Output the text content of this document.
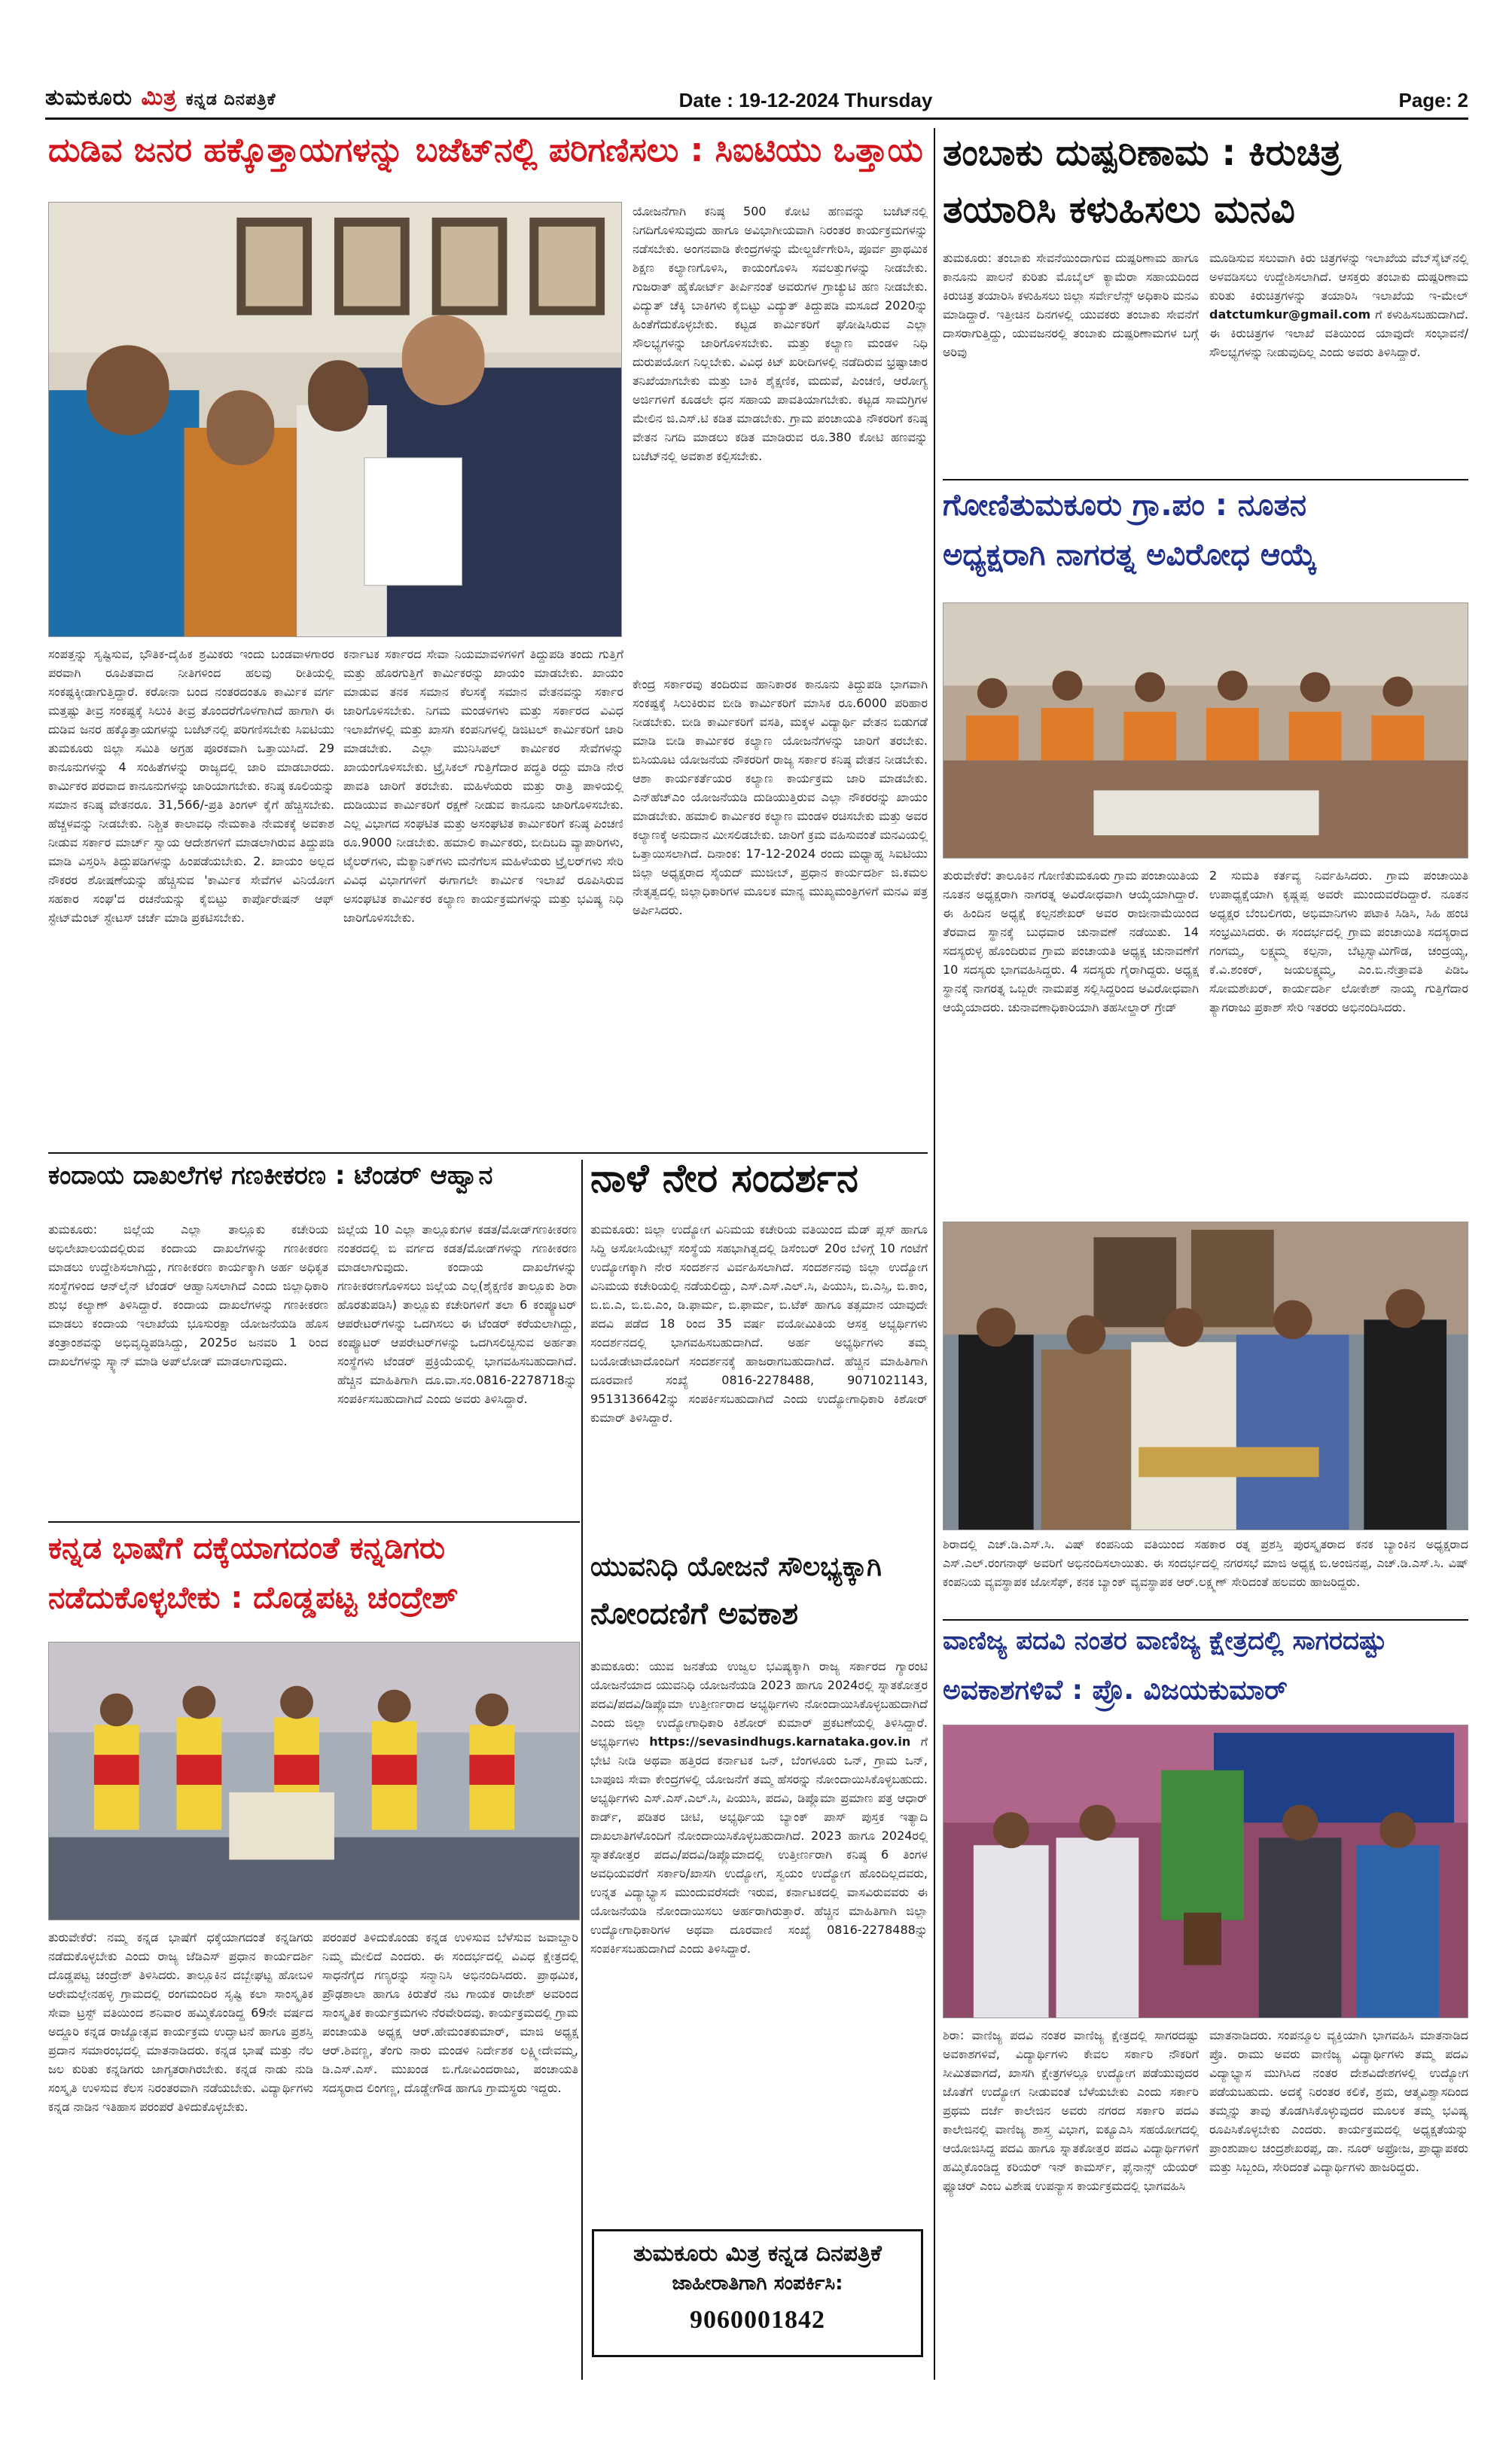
ತುಮಕೂರು ಮಿತ್ರ ಕನ್ನಡ ದಿನಪತ್ರಿಕೆ	Date : 19-12-2024 Thursday	Page: 2
ದುಡಿವ ಜನರ ಹಕ್ಕೊತ್ತಾಯಗಳನ್ನು ಬಜೆಟ್‌ನಲ್ಲಿ ಪರಿಗಣಿಸಲು : ಸಿಐಟಿಯು ಒತ್ತಾಯ
ಯೋಜನೆಗಾಗಿ ಕನಿಷ್ಠ 500 ಕೋಟಿ ಹಣವನ್ನು ಬಜೆಟ್‌ನಲ್ಲಿ ನಿಗದಿಗೊಳಿಸುವುದು ಹಾಗೂ ಅವಿಭಾಗೀಯವಾಗಿ ನಿರಂತರ ಕಾರ್ಯಕ್ರಮಗಳನ್ನು ನಡೆಸಬೇಕು. ಅಂಗನವಾಡಿ ಕೇಂದ್ರಗಳನ್ನು ಮೇಲ್ದರ್ಜೆಗೇರಿಸಿ, ಪೂರ್ವ ಪ್ರಾಥಮಿಕ ಶಿಕ್ಷಣ ಕಲ್ಯಾಣಗೊಳಿಸಿ, ಕಾಯಂಗೊಳಿಸಿ ಸವಲತ್ತುಗಳನ್ನು ನೀಡಬೇಕು. ಗುಜರಾತ್ ಹೈಕೋರ್ಟ್ ತೀರ್ಪಿನಂತೆ ಅವರುಗಳ ಗ್ರಾಚ್ಯುಟಿ ಹಣ ನೀಡಬೇಕು. ವಿದ್ಯುತ್ ಚೆಕ್ಕಿ ಬಾಕಿಗಳು ಕೈಬಿಟ್ಟು ವಿದ್ಯುತ್ ತಿದ್ದುಪಡಿ ಮಸೂದೆ 2020ನ್ನು ಹಿಂತೆಗೆದುಕೊಳ್ಳಬೇಕು. ಕಟ್ಟಡ ಕಾರ್ಮಿಕರಿಗೆ ಘೋಷಿಸಿರುವ ಎಲ್ಲಾ ಸೌಲಭ್ಯಗಳನ್ನು ಜಾರಿಗೊಳಿಸಬೇಕು. ಮತ್ತು ಕಲ್ಯಾಣ ಮಂಡಳಿ ನಿಧಿ ದುರುಪಯೋಗ ನಿಲ್ಲಬೇಕು. ವಿವಿಧ ಕಿಟ್ ಖರೀದಿಗಳಲ್ಲಿ ನಡೆದಿರುವ ಭ್ರಷ್ಟಾಚಾರ ತನಿಖೆಯಾಗಬೇಕು ಮತ್ತು ಬಾಕಿ ಶೈಕ್ಷಣಿಕ, ಮದುವೆ, ಪಿಂಚಣಿ, ಆರೋಗ್ಯ ಅರ್ಜಿಗಳಿಗೆ ಕೂಡಲೇ ಧನ ಸಹಾಯ ಪಾವತಿಯಾಗಬೇಕು. ಕಟ್ಟಡ ಸಾಮಗ್ರಿಗಳ ಮೇಲಿನ ಜಿ.ಎಸ್.ಟಿ ಕಡಿತ ಮಾಡಬೇಕು. ಗ್ರಾಮ ಪಂಚಾಯತಿ ನೌಕರರಿಗೆ ಕನಿಷ್ಠ ವೇತನ ನಿಗದಿ ಮಾಡಲು ಕಡಿತ ಮಾಡಿರುವ ರೂ.380 ಕೋಟಿ ಹಣವನ್ನು ಬಜೆಟ್‌ನಲ್ಲಿ ಅವಕಾಶ ಕಲ್ಪಿಸಬೇಕು.
ಸಂಪತ್ತನ್ನು ಸೃಷ್ಟಿಸುವ, ಭೌತಿಕ-ದೈಹಿಕ ಶ್ರಮಿಕರು ಇಂದು ಬಂಡವಾಳಗಾರರ ಪರವಾಗಿ ರೂಪಿತವಾದ ನೀತಿಗಳಿಂದ ಹಲವು ರೀತಿಯಲ್ಲಿ ಸಂಕಷ್ಟಕ್ಕೀಡಾಗುತ್ತಿದ್ದಾರೆ. ಕರೋನಾ ಬಂದ ನಂತರದಂತೂ ಕಾರ್ಮಿಕ ವರ್ಗ ಮತ್ತಷ್ಟು ತೀವ್ರ ಸಂಕಷ್ಟಕ್ಕೆ ಸಿಲುಕಿ ತೀವ್ರ ತೊಂದರೆಗೊಳಗಾಗಿದೆ ಹಾಗಾಗಿ ಈ ದುಡಿವ ಜನರ ಹಕ್ಕೊತ್ತಾಯಗಳನ್ನು ಬಜೆಟ್‌ನಲ್ಲಿ ಪರಿಗಣಿಸಬೇಕು ಸಿಐಟಿಯು ತುಮಕೂರು ಜಿಲ್ಲಾ ಸಮಿತಿ ಅಗ್ರಹ ಪೂರಕವಾಗಿ ಒತ್ತಾಯಿಸಿದೆ. 29 ಕಾನೂನುಗಳನ್ನು 4 ಸಂಹಿತೆಗಳನ್ನು ರಾಜ್ಯದಲ್ಲಿ ಜಾರಿ ಮಾಡಬಾರದು. ಕಾರ್ಮಿಕರ ಪರವಾದ ಕಾನೂನುಗಳನ್ನು ಜಾರಿಯಾಗಬೇಕು. ಕನಿಷ್ಠ ಕೂಲಿಯನ್ನು ಸಮಾನ ಕನಿಷ್ಠ ವೇತನರೂ. 31,566/-ಪ್ರತಿ ತಿಂಗಳ್ ಕೈಗೆ ಹೆಚ್ಚಿಸಬೇಕು. ಹೆಚ್ಚಳವನ್ನು ನೀಡಬೇಕು. ನಿಶ್ಚಿತ ಕಾಲಾವಧಿ ನೇಮಕಾತಿ ನೇಮಕಕ್ಕೆ ಅವಕಾಶ ನೀಡುವ ಸರ್ಕಾರ ಮಾರ್ಚ್ ಸ್ವಾಯ ಆದೇಶಗಳಿಗೆ ಮಾಡಲಾಗಿರುವ ತಿದ್ದುಪಡಿ ಮಾಡಿ ವಿಸ್ತರಿಸಿ ತಿದ್ದುಪಡಿಗಳನ್ನು ಹಿಂಪಡೆಯಬೇಕು. 2. ಖಾಯಂ ಅಲ್ಲದ ನೌಕರರ ಶೋಷಣೆಯನ್ನು ಹೆಚ್ಚಿಸುವ 'ಕಾರ್ಮಿಕ ಸೇವೆಗಳ ವಿನಿಯೋಗ ಸಹಕಾರ ಸಂಘ'ದ ರಚನೆಯನ್ನು ಕೈಬಿಟ್ಟು ಕಾರ್ಪೊರೇಷನ್ ಆಫ್ ಸ್ಟೇಟ್‌ಮೆಂಟ್ ಸ್ಟೇಟಸ್ ಚರ್ಚೆ ಮಾಡಿ ಪ್ರಕಟಿಸಬೇಕು.
ಕರ್ನಾಟಕ ಸರ್ಕಾರದ ಸೇವಾ ನಿಯಮಾವಳಿಗಳಿಗೆ ತಿದ್ದುಪಡಿ ತಂದು ಗುತ್ತಿಗೆ ಮತ್ತು ಹೊರಗುತ್ತಿಗೆ ಕಾರ್ಮಿಕರನ್ನು ಖಾಯಂ ಮಾಡಬೇಕು. ಖಾಯಂ ಮಾಡುವ ತನಕ ಸಮಾನ ಕೆಲಸಕ್ಕೆ ಸಮಾನ ವೇತನವನ್ನು ಸರ್ಕಾರ ಜಾರಿಗೊಳಿಸಬೇಕು. ನಿಗಮ ಮಂಡಳಿಗಳು ಮತ್ತು ಸರ್ಕಾರದ ವಿವಿಧ ಇಲಾಖೆಗಳಲ್ಲಿ ಮತ್ತು ಖಾಸಗಿ ಕಂಪನಿಗಳಲ್ಲಿ ಡಿಜಿಟಲ್ ಕಾರ್ಮಿಕರಿಗೆ ಜಾರಿ ಮಾಡಬೇಕು. ಎಲ್ಲಾ ಮುನಿಸಿಪಲ್ ಕಾರ್ಮಿಕರ ಸೇವೆಗಳನ್ನು ಖಾಯಂಗೊಳಿಸಬೇಕು. ಟ್ರೈಸಿಕಲ್ ಗುತ್ತಿಗೆದಾರ ಪದ್ಧತಿ ರದ್ದು ಮಾಡಿ ನೇರ ಪಾವತಿ ಜಾರಿಗೆ ತರಬೇಕು. ಮಹಿಳೆಯರು ಮತ್ತು ರಾತ್ರಿ ಪಾಳಿಯಲ್ಲಿ ದುಡಿಯುವ ಕಾರ್ಮಿಕರಿಗೆ ರಕ್ಷಣೆ ನೀಡುವ ಕಾನೂನು ಜಾರಿಗೊಳಿಸಬೇಕು. ಎಲ್ಲ ವಿಭಾಗದ ಸಂಘಟಿತ ಮತ್ತು ಅಸಂಘಟಿತ ಕಾರ್ಮಿಕರಿಗೆ ಕನಿಷ್ಠ ಪಿಂಚಣಿ ರೂ.9000 ನೀಡಬೇಕು. ಹಮಾಲಿ ಕಾರ್ಮಿಕರು, ಬೀದಿಬದಿ ವ್ಯಾಪಾರಿಗಳು, ಟೈಲರ್‌ಗಳು, ಮೆಕ್ಯಾನಿಕ್‌ಗಳು ಮನೆಗೆಲಸ ಮಹಿಳೆಯರು ಟ್ರೈಲರ್‌ಗಳು ಸೇರಿ ವಿವಿಧ ವಿಭಾಗಗಳಿಗೆ ಈಗಾಗಲೇ ಕಾರ್ಮಿಕ ಇಲಾಖೆ ರೂಪಿಸಿರುವ ಅಸಂಘಟಿತ ಕಾರ್ಮಿಕರ ಕಲ್ಯಾಣ ಕಾರ್ಯಕ್ರಮಗಳನ್ನು ಮತ್ತು ಭವಿಷ್ಯ ನಿಧಿ ಜಾರಿಗೊಳಿಸಬೇಕು.
ಕೇಂದ್ರ ಸರ್ಕಾರವು ತಂದಿರುವ ಹಾನಿಕಾರಕ ಕಾನೂನು ತಿದ್ದುಪಡಿ ಭಾಗವಾಗಿ ಸಂಕಷ್ಟಕ್ಕೆ ಸಿಲುಕಿರುವ ಬೀಡಿ ಕಾರ್ಮಿಕರಿಗೆ ಮಾಸಿಕ ರೂ.6000 ಪರಿಹಾರ ನೀಡಬೇಕು. ಬೀಡಿ ಕಾರ್ಮಿಕರಿಗೆ ವಸತಿ, ಮಕ್ಕಳ ವಿದ್ಯಾರ್ಥಿ ವೇತನ ಬಿಡುಗಡೆ ಮಾಡಿ ಬೀಡಿ ಕಾರ್ಮಿಕರ ಕಲ್ಯಾಣ ಯೋಜನೆಗಳನ್ನು ಜಾರಿಗೆ ತರಬೇಕು. ಬಿಸಿಯೂಟ ಯೋಜನೆಯ ನೌಕರರಿಗೆ ರಾಜ್ಯ ಸರ್ಕಾರ ಕನಿಷ್ಠ ವೇತನ ನೀಡಬೇಕು. ಆಶಾ ಕಾರ್ಯಕರ್ತೆಯರ ಕಲ್ಯಾಣ ಕಾರ್ಯಕ್ರಮ ಜಾರಿ ಮಾಡಬೇಕು. ಎನ್‌ಹೆಚ್‌ಎಂ ಯೋಜನೆಯಡಿ ದುಡಿಯುತ್ತಿರುವ ಎಲ್ಲಾ ನೌಕರರನ್ನು ಖಾಯಂ ಮಾಡಬೇಕು. ಹಮಾಲಿ ಕಾರ್ಮಿಕರ ಕಲ್ಯಾಣ ಮಂಡಳಿ ರಚಿಸಬೇಕು ಮತ್ತು ಅವರ ಕಲ್ಯಾಣಕ್ಕೆ ಅನುದಾನ ಮೀಸಲಿಡಬೇಕು. ಜಾರಿಗೆ ಕ್ರಮ ವಹಿಸುವಂತೆ ಮನವಿಯಲ್ಲಿ ಒತ್ತಾಯಿಸಲಾಗಿದೆ. ದಿನಾಂಕ: 17-12-2024 ರಂದು ಮಧ್ಯಾಹ್ನ ಸಿಐಟಿಯು ಜಿಲ್ಲಾ ಅಧ್ಯಕ್ಷರಾದ ಸೈಯದ್ ಮುಜೀಬ್, ಪ್ರಧಾನ ಕಾರ್ಯದರ್ಶಿ ಜಿ.ಕಮಲ ನೇತೃತ್ವದಲ್ಲಿ ಜಿಲ್ಲಾಧಿಕಾರಿಗಳ ಮೂಲಕ ಮಾನ್ಯ ಮುಖ್ಯಮಂತ್ರಿಗಳಿಗೆ ಮನವಿ ಪತ್ರ ಅರ್ಪಿಸಿದರು.
ಕಂದಾಯ ದಾಖಲೆಗಳ ಗಣಕೀಕರಣ : ಟೆಂಡರ್ ಆಹ್ವಾನ
ತುಮಕೂರು: ಜಿಲ್ಲೆಯ ಎಲ್ಲಾ ತಾಲ್ಲೂಕು ಕಚೇರಿಯ ಅಭಿಲೇಖಾಲಯದಲ್ಲಿರುವ ಕಂದಾಯ ದಾಖಲೆಗಳನ್ನು ಗಣಕೀಕರಣ ಮಾಡಲು ಉದ್ದೇಶಿಸಲಾಗಿದ್ದು, ಗಣಕೀಕರಣ ಕಾರ್ಯಕ್ಕಾಗಿ ಅರ್ಹ ಅಧಿಕೃತ ಸಂಸ್ಥೆಗಳಿಂದ ಆನ್‌ಲೈನ್ ಟೆಂಡರ್ ಆಹ್ವಾನಿಸಲಾಗಿದೆ ಎಂದು ಜಿಲ್ಲಾಧಿಕಾರಿ ಶುಭ ಕಲ್ಯಾಣ್ ತಿಳಿಸಿದ್ದಾರೆ. ಕಂದಾಯ ದಾಖಲೆಗಳನ್ನು ಗಣಕೀಕರಣ ಮಾಡಲು ಕಂದಾಯ ಇಲಾಖೆಯ ಭೂಸುರಕ್ಷಾ ಯೋಜನೆಯಡಿ ಹೊಸ ತಂತ್ರಾಂಶವನ್ನು ಅಭಿವೃದ್ಧಿಪಡಿಸಿದ್ದು, 2025ರ ಜನವರಿ 1 ರಿಂದ ದಾಖಲೆಗಳನ್ನು ಸ್ಕ್ಯಾನ್ ಮಾಡಿ ಅಪ್‌ಲೋಡ್ ಮಾಡಲಾಗುವುದು.
ಜಿಲ್ಲೆಯ 10 ಎಲ್ಲಾ ತಾಲ್ಲೂಕುಗಳ ಕಡತ/ಮೋಡ್‌ಗಣಕೀಕರಣ ನಂತರದಲ್ಲಿ ಬಿ ವರ್ಗದ ಕಡತ/ಮೋಡ್‌ಗಳನ್ನು ಗಣಕೀಕರಣ ಮಾಡಲಾಗುವುದು. ಕಂದಾಯ ದಾಖಲೆಗಳನ್ನು ಗಣಕೀಕರಣಗೊಳಿಸಲು ಜಿಲ್ಲೆಯ ಎಲ್ಲ(ಶೈಕ್ಷಣಿಕ ತಾಲ್ಲೂಕು ಶಿರಾ ಹೊರತುಪಡಿಸಿ) ತಾಲ್ಲೂಕು ಕಚೇರಿಗಳಿಗೆ ತಲಾ 6 ಕಂಪ್ಯೂಟರ್ ಆಪರೇಟರ್‌ಗಳನ್ನು ಒದಗಿಸಲು ಈ ಟೆಂಡರ್ ಕರೆಯಲಾಗಿದ್ದು, ಕಂಪ್ಯೂಟರ್ ಆಪರೇಟರ್‌ಗಳನ್ನು ಒದಗಿಸಲಿಚ್ಛಿಸುವ ಅರ್ಹತಾ ಸಂಸ್ಥೆಗಳು ಟೆಂಡರ್ ಪ್ರಕ್ರಿಯೆಯಲ್ಲಿ ಭಾಗವಹಿಸಬಹುದಾಗಿದೆ. ಹೆಚ್ಚಿನ ಮಾಹಿತಿಗಾಗಿ ದೂ.ವಾ.ಸಂ.0816-2278718ನ್ನು ಸಂಪರ್ಕಿಸಬಹುದಾಗಿದೆ ಎಂದು ಅವರು ತಿಳಿಸಿದ್ದಾರೆ.
ನಾಳೆ ನೇರ ಸಂದರ್ಶನ
ತುಮಕೂರು: ಜಿಲ್ಲಾ ಉದ್ಯೋಗ ವಿನಿಮಯ ಕಚೇರಿಯ ವತಿಯಿಂದ ಮೆಡ್ ಪ್ಲಸ್ ಹಾಗೂ ಸಿದ್ದಿ ಅಸೋಸಿಯೇಟ್ಸ್ ಸಂಸ್ಥೆಯ ಸಹಭಾಗಿತ್ವದಲ್ಲಿ ಡಿಸೆಂಬರ್ 20ರ ಬೆಳಿಗ್ಗೆ 10 ಗಂಟೆಗೆ ಉದ್ಯೋಗಕ್ಕಾಗಿ ನೇರ ಸಂದರ್ಶನ ವಿರ್ವಹಿಸಲಾಗಿದೆ. ಸಂದರ್ಶನವು ಜಿಲ್ಲಾ ಉದ್ಯೋಗ ವಿನಿಮಯ ಕಚೇರಿಯಲ್ಲಿ ನಡೆಯಲಿದ್ದು, ಎಸ್.ಎಸ್.ಎಲ್.ಸಿ, ಪಿಯುಸಿ, ಬಿ.ಎಸ್ಸಿ, ಬಿ.ಕಾಂ, ಬಿ.ಬಿ.ಎ, ಬಿ.ಬಿ.ಎಂ, ಡಿ.ಫಾರ್ಮ, ಬಿ.ಫಾರ್ಮ, ಬಿ.ಟೆಕ್ ಹಾಗೂ ತತ್ಸಮಾನ ಯಾವುದೇ ಪದವಿ ಪಡೆದ 18 ರಿಂದ 35 ವರ್ಷ ವಯೋಮಿತಿಯ ಆಸಕ್ತ ಅಭ್ಯರ್ಥಿಗಳು ಸಂದರ್ಶನದಲ್ಲಿ ಭಾಗವಹಿಸಬಹುದಾಗಿದೆ. ಅರ್ಹ ಅಭ್ಯರ್ಥಿಗಳು ತಮ್ಮ ಬಯೋಡೇಟಾದೊಂದಿಗೆ ಸಂದರ್ಶನಕ್ಕೆ ಹಾಜರಾಗಬಹುದಾಗಿದೆ. ಹೆಚ್ಚಿನ ಮಾಹಿತಿಗಾಗಿ ದೂರವಾಣಿ ಸಂಖ್ಯೆ 0816-2278488, 9071021143, 9513136642ನ್ನು ಸಂಪರ್ಕಿಸಬಹುದಾಗಿದೆ ಎಂದು ಉದ್ಯೋಗಾಧಿಕಾರಿ ಕಿಶೋರ್ ಕುಮಾರ್ ತಿಳಿಸಿದ್ದಾರೆ.
ಕನ್ನಡ ಭಾಷೆಗೆ ದಕ್ಕೆಯಾಗದಂತೆ ಕನ್ನಡಿಗರು
ನಡೆದುಕೊಳ್ಳಬೇಕು : ದೊಡ್ಡಪಟ್ಟ ಚಂದ್ರೇಶ್
ತುರುವೇಕೆರೆ: ನಮ್ಮ ಕನ್ನಡ ಭಾಷೆಗೆ ಧಕ್ಕೆಯಾಗದಂತೆ ಕನ್ನಡಿಗರು ನಡೆದುಕೊಳ್ಳಬೇಕು ಎಂದು ರಾಜ್ಯ ಜೆಡಿಎಸ್ ಪ್ರಧಾನ ಕಾರ್ಯದರ್ಶಿ ದೊಡ್ಡಪಟ್ಟ ಚಂದ್ರೇಶ್ ತಿಳಿಸಿದರು. ತಾಲ್ಲೂಕಿನ ದಬ್ಬೇಘಟ್ಟ ಹೋಬಳಿ ಅರೇಮಲ್ಲೇನಹಳ್ಳಿ ಗ್ರಾಮದಲ್ಲಿ ರಂಗಮಂದಿರ ಸೃಷ್ಟಿ ಕಲಾ ಸಾಂಸ್ಕೃತಿಕ ಸೇವಾ ಟ್ರಸ್ಟ್ ವತಿಯಿಂದ ಶನಿವಾರ ಹಮ್ಮಿಕೊಂಡಿದ್ದ 69ನೇ ವರ್ಷದ ಅದ್ದೂರಿ ಕನ್ನಡ ರಾಜ್ಯೋತ್ಸವ ಕಾರ್ಯಕ್ರಮ ಉದ್ಘಾಟನೆ ಹಾಗೂ ಪ್ರಶಸ್ತಿ ಪ್ರದಾನ ಸಮಾರಂಭದಲ್ಲಿ ಮಾತನಾಡಿದರು. ಕನ್ನಡ ಭಾಷೆ ಮತ್ತು ನೆಲ ಜಲ ಕುರಿತು ಕನ್ನಡಿಗರು ಜಾಗೃತರಾಗಿರಬೇಕು. ಕನ್ನಡ ನಾಡು ನುಡಿ ಸಂಸ್ಕೃತಿ ಉಳಿಸುವ ಕೆಲಸ ನಿರಂತರವಾಗಿ ನಡೆಯಬೇಕು. ವಿದ್ಯಾರ್ಥಿಗಳು ಕನ್ನಡ ನಾಡಿನ ಇತಿಹಾಸ ಪರಂಪರೆ ತಿಳಿದುಕೊಳ್ಳಬೇಕು.
ಪರಂಪರೆ ತಿಳಿದುಕೊಂಡು ಕನ್ನಡ ಉಳಿಸುವ ಬೆಳೆಸುವ ಜವಾಬ್ದಾರಿ ನಿಮ್ಮ ಮೇಲಿದೆ ಎಂದರು. ಈ ಸಂದರ್ಭದಲ್ಲಿ ವಿವಿಧ ಕ್ಷೇತ್ರದಲ್ಲಿ ಸಾಧನೆಗೈದ ಗಣ್ಯರನ್ನು ಸನ್ಮಾನಿಸಿ ಅಭಿನಂದಿಸಿದರು. ಪ್ರಾಥಮಿಕ, ಪ್ರೌಢಶಾಲಾ ಹಾಗೂ ಕಿರುತೆರೆ ನಟ ಗಾಯಕ ರಾಜೇಶ್ ಅವರಿಂದ ಸಾಂಸ್ಕೃತಿಕ ಕಾರ್ಯಕ್ರಮಗಳು ನೆರವೇರಿದವು. ಕಾರ್ಯಕ್ರಮದಲ್ಲಿ ಗ್ರಾಮ ಪಂಚಾಯತಿ ಅಧ್ಯಕ್ಷ ಆರ್.ಹೇಮಂತಕುಮಾರ್, ಮಾಜಿ ಅಧ್ಯಕ್ಷ ಆರ್.ಶಿವಣ್ಣ, ತೆಂಗು ನಾರು ಮಂಡಳಿ ನಿರ್ದೇಶಕ ಲಕ್ಷ್ಮೀದೇವಮ್ಮ, ಡಿ.ಎಸ್.ಎಸ್. ಮುಖಂಡ ಬಿ.ಗೋವಿಂದರಾಜು, ಪಂಚಾಯತಿ ಸದಸ್ಯರಾದ ಲಿಂಗಣ್ಣ, ದೊಡ್ಡೇಗೌಡ ಹಾಗೂ ಗ್ರಾಮಸ್ಥರು ಇದ್ದರು.
ಯುವನಿಧಿ ಯೋಜನೆ ಸೌಲಭ್ಯಕ್ಕಾಗಿ
ನೋಂದಣಿಗೆ ಅವಕಾಶ
ತುಮಕೂರು: ಯುವ ಜನತೆಯ ಉಜ್ವಲ ಭವಿಷ್ಯಕ್ಕಾಗಿ ರಾಜ್ಯ ಸರ್ಕಾರದ ಗ್ಯಾರಂಟಿ ಯೋಜನೆಯಾದ ಯುವನಿಧಿ ಯೋಜನೆಯಡಿ 2023 ಹಾಗೂ 2024ರಲ್ಲಿ ಸ್ನಾತಕೋತ್ತರ ಪದವಿ/ಪದವಿ/ಡಿಪ್ಲೊಮಾ ಉತ್ತೀರ್ಣರಾದ ಅಭ್ಯರ್ಥಿಗಳು ನೋಂದಾಯಿಸಿಕೊಳ್ಳಬಹುದಾಗಿದೆ ಎಂದು ಜಿಲ್ಲಾ ಉದ್ಯೋಗಾಧಿಕಾರಿ ಕಿಶೋರ್ ಕುಮಾರ್ ಪ್ರಕಟಣೆಯಲ್ಲಿ ತಿಳಿಸಿದ್ದಾರೆ. ಅಭ್ಯರ್ಥಿಗಳು https://sevasindhugs.karnataka.gov.in ಗೆ ಭೇಟಿ ನೀಡಿ ಅಥವಾ ಹತ್ತಿರದ ಕರ್ನಾಟಕ ಒನ್, ಬೆಂಗಳೂರು ಒನ್, ಗ್ರಾಮ ಒನ್, ಬಾಪೂಜಿ ಸೇವಾ ಕೇಂದ್ರಗಳಲ್ಲಿ ಯೋಜನೆಗೆ ತಮ್ಮ ಹೆಸರನ್ನು ನೋಂದಾಯಿಸಿಕೊಳ್ಳಬಹುದು. ಅಭ್ಯರ್ಥಿಗಳು ಎಸ್.ಎಸ್.ಎಲ್.ಸಿ, ಪಿಯುಸಿ, ಪದವಿ, ಡಿಪ್ಲೊಮಾ ಪ್ರಮಾಣ ಪತ್ರ ಆಧಾರ್ ಕಾರ್ಡ್, ಪಡಿತರ ಚೀಟಿ, ಅಭ್ಯರ್ಥಿಯ ಬ್ಯಾಂಕ್ ಪಾಸ್ ಪುಸ್ತಕ ಇತ್ಯಾದಿ ದಾಖಲಾತಿಗಳೊಂದಿಗೆ ನೋಂದಾಯಿಸಿಕೊಳ್ಳಬಹುದಾಗಿದೆ. 2023 ಹಾಗೂ 2024ರಲ್ಲಿ ಸ್ನಾತಕೋತ್ತರ ಪದವಿ/ಪದವಿ/ಡಿಪ್ಲೊಮಾದಲ್ಲಿ ಉತ್ತೀರ್ಣರಾಗಿ ಕನಿಷ್ಠ 6 ತಿಂಗಳ ಅವಧಿಯವರೆಗೆ ಸರ್ಕಾರಿ/ಖಾಸಗಿ ಉದ್ಯೋಗ, ಸ್ವಯಂ ಉದ್ಯೋಗ ಹೊಂದಿಲ್ಲದವರು, ಉನ್ನತ ವಿದ್ಯಾಭ್ಯಾಸ ಮುಂದುವರೆಸದೇ ಇರುವ, ಕರ್ನಾಟಕದಲ್ಲಿ ವಾಸವಿರುವವರು ಈ ಯೋಜನೆಯಡಿ ನೋಂದಾಯಿಸಲು ಅರ್ಹರಾಗಿರುತ್ತಾರೆ. ಹೆಚ್ಚಿನ ಮಾಹಿತಿಗಾಗಿ ಜಿಲ್ಲಾ ಉದ್ಯೋಗಾಧಿಕಾರಿಗಳ ಅಥವಾ ದೂರವಾಣಿ ಸಂಖ್ಯೆ 0816-2278488ನ್ನು ಸಂಪರ್ಕಿಸಬಹುದಾಗಿದೆ ಎಂದು ತಿಳಿಸಿದ್ದಾರೆ.
ತುಮಕೂರು ಮಿತ್ರ ಕನ್ನಡ ದಿನಪತ್ರಿಕೆ
ಜಾಹೀರಾತಿಗಾಗಿ ಸಂಪರ್ಕಿಸಿ:
9060001842
ತಂಬಾಕು ದುಷ್ಪರಿಣಾಮ : ಕಿರುಚಿತ್ರ
ತಯಾರಿಸಿ ಕಳುಹಿಸಲು ಮನವಿ
ತುಮಕೂರು: ತಂಬಾಕು ಸೇವನೆಯಿಂದಾಗುವ ದುಷ್ಪರಿಣಾಮ ಹಾಗೂ ಕಾನೂನು ಪಾಲನೆ ಕುರಿತು ಮೊಬೈಲ್ ಕ್ಯಾಮೆರಾ ಸಹಾಯದಿಂದ ಕಿರುಚಿತ್ರ ತಯಾರಿಸಿ ಕಳುಹಿಸಲು ಜಿಲ್ಲಾ ಸರ್ವೇಲೆನ್ಸ್ ಅಧಿಕಾರಿ ಮನವಿ ಮಾಡಿದ್ದಾರೆ. ಇತ್ತೀಚಿನ ದಿನಗಳಲ್ಲಿ ಯುವಕರು ತಂಬಾಕು ಸೇವನೆಗೆ ದಾಸರಾಗುತ್ತಿದ್ದು, ಯುವಜನರಲ್ಲಿ ತಂಬಾಕು ದುಷ್ಪರಿಣಾಮಗಳ ಬಗ್ಗೆ ಅರಿವು
ಮೂಡಿಸುವ ಸಲುವಾಗಿ ಕಿರು ಚಿತ್ರಗಳನ್ನು ಇಲಾಖೆಯ ವೆಬ್‌ಸೈಟ್‌ನಲ್ಲಿ ಅಳವಡಿಸಲು ಉದ್ದೇಶಿಸಲಾಗಿದೆ. ಆಸಕ್ತರು ತಂಬಾಕು ದುಷ್ಪರಿಣಾಮ ಕುರಿತು ಕಿರುಚಿತ್ರಗಳನ್ನು ತಯಾರಿಸಿ ಇಲಾಖೆಯ ಇ-ಮೇಲ್ datctumkur@gmail.com ಗೆ ಕಳುಹಿಸಬಹುದಾಗಿದೆ. ಈ ಕಿರುಚಿತ್ರಗಳ ಇಲಾಖೆ ವತಿಯಿಂದ ಯಾವುದೇ ಸಂಭಾವನೆ/ಸೌಲಭ್ಯಗಳನ್ನು ನೀಡುವುದಿಲ್ಲ ಎಂದು ಅವರು ತಿಳಿಸಿದ್ದಾರೆ.
ಗೋಣಿತುಮಕೂರು ಗ್ರಾ.ಪಂ : ನೂತನ
ಅಧ್ಯಕ್ಷರಾಗಿ ನಾಗರತ್ನ ಅವಿರೋಧ ಆಯ್ಕೆ
ತುರುವೇಕೆರೆ: ತಾಲೂಕಿನ ಗೋಣಿತುಮಕೂರು ಗ್ರಾಮ ಪಂಚಾಯಿತಿಯ ನೂತನ ಅಧ್ಯಕ್ಷರಾಗಿ ನಾಗರತ್ನ ಅವಿರೋಧವಾಗಿ ಆಯ್ಕೆಯಾಗಿದ್ದಾರೆ. ಈ ಹಿಂದಿನ ಅಧ್ಯಕ್ಷೆ ಕಲ್ಪನಶೇಖರ್ ಅವರ ರಾಜೀನಾಮೆಯಿಂದ ತೆರವಾದ ಸ್ಥಾನಕ್ಕೆ ಬುಧವಾರ ಚುನಾವಣೆ ನಡೆಯಿತು. 14 ಸದಸ್ಯರುಳ್ಳ ಹೊಂದಿರುವ ಗ್ರಾಮ ಪಂಚಾಯತಿ ಅಧ್ಯಕ್ಷ ಚುನಾವಣೆಗೆ 10 ಸದಸ್ಯರು ಭಾಗವಹಿಸಿದ್ದರು. 4 ಸದಸ್ಯರು ಗೈರಾಗಿದ್ದರು. ಅಧ್ಯಕ್ಷ ಸ್ಥಾನಕ್ಕೆ ನಾಗರತ್ನ ಒಬ್ಬರೇ ನಾಮಪತ್ರ ಸಲ್ಲಿಸಿದ್ದರಿಂದ ಅವಿರೋಧವಾಗಿ ಆಯ್ಕೆಯಾದರು. ಚುನಾವಣಾಧಿಕಾರಿಯಾಗಿ ತಹಸೀಲ್ದಾರ್ ಗ್ರೇಡ್
2 ಸುಮತಿ ಕರ್ತವ್ಯ ನಿರ್ವಹಿಸಿದರು. ಗ್ರಾಮ ಪಂಚಾಯಿತಿ ಉಪಾಧ್ಯಕ್ಷೆಯಾಗಿ ಕೃಷ್ಣಪ್ಪ ಅವರೇ ಮುಂದುವರೆದಿದ್ದಾರೆ. ನೂತನ ಅಧ್ಯಕ್ಷರ ಬೆಂಬಲಿಗರು, ಅಭಿಮಾನಿಗಳು ಪಟಾಕಿ ಸಿಡಿಸಿ, ಸಿಹಿ ಹಂಚಿ ಸಂಭ್ರಮಿಸಿದರು. ಈ ಸಂದರ್ಭದಲ್ಲಿ ಗ್ರಾಮ ಪಂಚಾಯಿತಿ ಸದಸ್ಯರಾದ ಗಂಗಮ್ಮ, ಲಕ್ಷ್ಮಮ್ಮ ಕಲ್ಪನಾ, ಬೆಟ್ಟಸ್ವಾಮಿಗೌಡ, ಚಂದ್ರಯ್ಯ, ಕೆ.ವಿ.ಶಂಕರ್, ಜಯಲಕ್ಷ್ಮಮ್ಮ, ಎಂ.ಬಿ.ನೇತ್ರಾವತಿ ಪಿಡಿಒ ಸೋಮಶೇಖರ್, ಕಾರ್ಯದರ್ಶಿ ಲೋಕೇಶ್ ನಾಯ್ಕ ಗುತ್ತಿಗೆದಾರ ತ್ಯಾಗರಾಜು ಪ್ರಕಾಶ್ ಸೇರಿ ಇತರರು ಅಭಿನಂದಿಸಿದರು.
ಶಿರಾದಲ್ಲಿ ಎಚ್.ಡಿ.ಎಸ್.ಸಿ. ವಿಷ್ ಕಂಪನಿಯ ವತಿಯಿಂದ ಸಹಕಾರ ರತ್ನ ಪ್ರಶಸ್ತಿ ಪುರಸ್ಕೃತರಾದ ಕನಕ ಬ್ಯಾಂಕಿನ ಅಧ್ಯಕ್ಷರಾದ ಎಸ್.ಎಲ್.ರಂಗನಾಥ್ ಅವರಿಗೆ ಅಭಿನಂದಿಸಲಾಯಿತು. ಈ ಸಂದರ್ಭದಲ್ಲಿ ನಗರಸಭೆ ಮಾಜಿ ಅಧ್ಯಕ್ಷ ಬಿ.ಅಂಜಿನಪ್ಪ, ಎಚ್.ಡಿ.ಎಸ್.ಸಿ. ವಿಷ್ ಕಂಪನಿಯ ವ್ಯವಸ್ಥಾಪಕ ಜೋಸೆಫ್, ಕನಕ ಬ್ಯಾಂಕ್ ವ್ಯವಸ್ಥಾಪಕ ಆರ್.ಲಕ್ಷ್ಮಣ್ ಸೇರಿದಂತೆ ಹಲವರು ಹಾಜರಿದ್ದರು.
ವಾಣಿಜ್ಯ ಪದವಿ ನಂತರ ವಾಣಿಜ್ಯ ಕ್ಷೇತ್ರದಲ್ಲಿ ಸಾಗರದಷ್ಟು
ಅವಕಾಶಗಳಿವೆ : ಪ್ರೊ. ವಿಜಯಕುಮಾರ್
ಶಿರಾ: ವಾಣಿಜ್ಯ ಪದವಿ ನಂತರ ವಾಣಿಜ್ಯ ಕ್ಷೇತ್ರದಲ್ಲಿ ಸಾಗರದಷ್ಟು ಅವಕಾಶಗಳಿವೆ, ವಿದ್ಯಾರ್ಥಿಗಳು ಕೇವಲ ಸರ್ಕಾರಿ ನೌಕರಿಗೆ ಸೀಮಿತವಾಗದೆ, ಖಾಸಗಿ ಕ್ಷೇತ್ರಗಳಲ್ಲೂ ಉದ್ಯೋಗ ಪಡೆಯುವುದರ ಜೊತೆಗೆ ಉದ್ಯೋಗ ನೀಡುವಂತೆ ಬೆಳೆಯಬೇಕು ಎಂದು ಸರ್ಕಾರಿ ಪ್ರಥಮ ದರ್ಜೆ ಕಾಲೇಜಿನ ಅವರು ನಗರದ ಸರ್ಕಾರಿ ಪದವಿ ಕಾಲೇಜಿನಲ್ಲಿ ವಾಣಿಜ್ಯ ಶಾಸ್ತ್ರ ವಿಭಾಗ, ಐಕ್ಯೂಎಸಿ ಸಹಯೋಗದಲ್ಲಿ ಆಯೋಜಿಸಿದ್ದ ಪದವಿ ಹಾಗೂ ಸ್ನಾತಕೋತ್ತರ ಪದವಿ ವಿದ್ಯಾರ್ಥಿಗಳಿಗೆ ಹಮ್ಮಿಕೊಂಡಿದ್ದ ಕರಿಯರ್ ಇನ್ ಕಾಮರ್ಸ್, ಫೈನಾನ್ಸ್ ಯೆಯರ್ ಫ್ಯೂಚರ್ ಎಂಬ ವಿಶೇಷ ಉಪನ್ಯಾಸ ಕಾರ್ಯಕ್ರಮದಲ್ಲಿ ಭಾಗವಹಿಸಿ
ಮಾತನಾಡಿದರು. ಸಂಪನ್ಮೂಲ ವ್ಯಕ್ತಿಯಾಗಿ ಭಾಗವಹಿಸಿ ಮಾತನಾಡಿದ ಪ್ರೊ. ರಾಮು ಅವರು ವಾಣಿಜ್ಯ ವಿದ್ಯಾರ್ಥಿಗಳು ತಮ್ಮ ಪದವಿ ವಿದ್ಯಾಭ್ಯಾಸ ಮುಗಿಸಿದ ನಂತರ ದೇಶವಿದೇಶಗಳಲ್ಲಿ ಉದ್ಯೋಗ ಪಡೆಯಬಹುದು. ಅದಕ್ಕೆ ನಿರಂತರ ಕಲಿಕೆ, ಶ್ರಮ, ಆತ್ಮವಿಶ್ವಾಸದಿಂದ ತಮ್ಮನ್ನು ತಾವು ತೊಡಗಿಸಿಕೊಳ್ಳುವುದರ ಮೂಲಕ ತಮ್ಮ ಭವಿಷ್ಯ ರೂಪಿಸಿಕೊಳ್ಳಬೇಕು ಎಂದರು. ಕಾರ್ಯಕ್ರಮದಲ್ಲಿ ಅಧ್ಯಕ್ಷತೆಯನ್ನು ಪ್ರಾಂಶುಪಾಲ ಚಂದ್ರಶೇಖರಪ್ಪ, ಡಾ. ನೂರ್ ಅಫ್ರೋಜ, ಪ್ರಾಧ್ಯಾಪಕರು ಮತ್ತು ಸಿಬ್ಬಂದಿ, ಸೇರಿದಂತೆ ವಿದ್ಯಾರ್ಥಿಗಳು ಹಾಜರಿದ್ದರು.
